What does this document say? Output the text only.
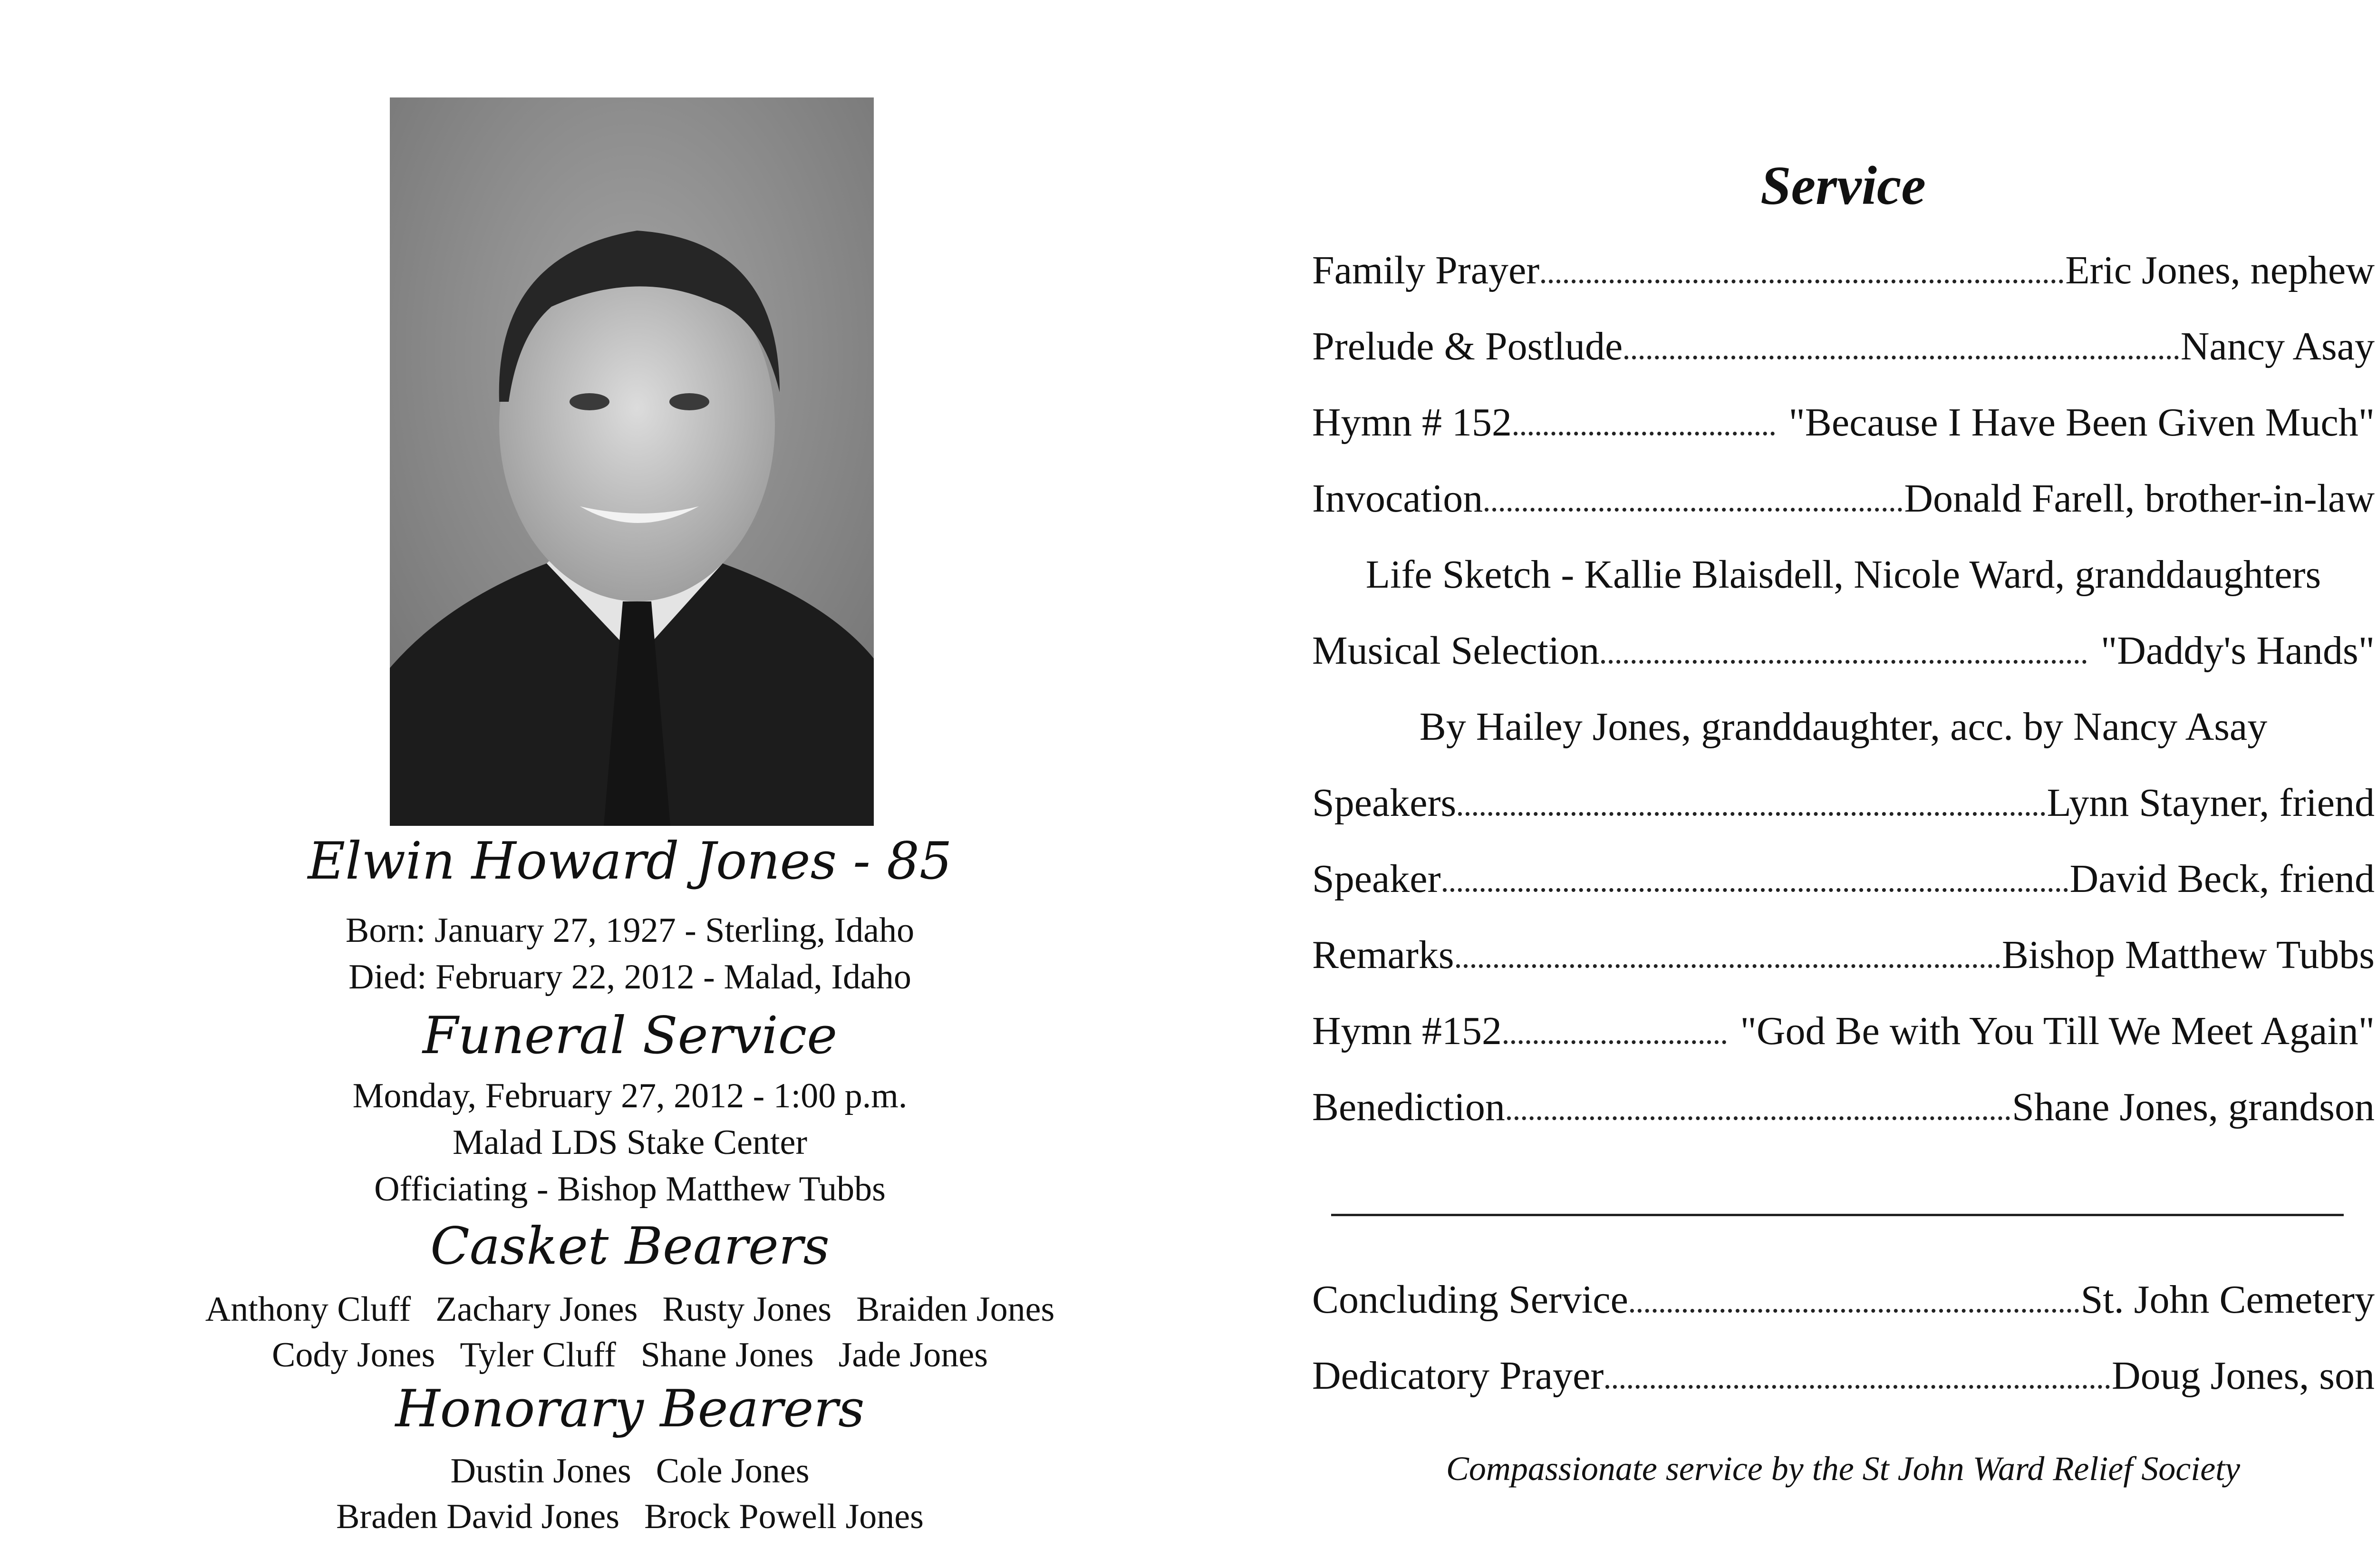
Elwin Howard Jones - 85
Born: January 27, 1927 - Sterling, Idaho
Died: February 22, 2012 - Malad, Idaho
Funeral Service
Monday, February 27, 2012 - 1:00 p.m.
Malad LDS Stake Center
Officiating - Bishop Matthew Tubbs
Casket Bearers
Anthony Cluff Zachary Jones Rusty Jones Braiden Jones
Cody Jones Tyler Cluff Shane Jones Jade Jones
Honorary Bearers
Dustin Jones Cole Jones
Braden David Jones Brock Powell Jones
Service
Family Prayer	Eric Jones, nephew
Prelude & Postlude	Nancy Asay
Hymn # 152	"Because I Have Been Given Much"
Invocation	Donald Farell, brother-in-law
Life Sketch - Kallie Blaisdell, Nicole Ward, granddaughters
Musical Selection	"Daddy's Hands"
By Hailey Jones, granddaughter, acc. by Nancy Asay
Speakers	Lynn Stayner, friend
Speaker	David Beck, friend
Remarks	Bishop Matthew Tubbs
Hymn #152	"God Be with You Till We Meet Again"
Benediction	Shane Jones, grandson
Concluding Service	St. John Cemetery
Dedicatory Prayer	Doug Jones, son
Compassionate service by the St John Ward Relief Society
